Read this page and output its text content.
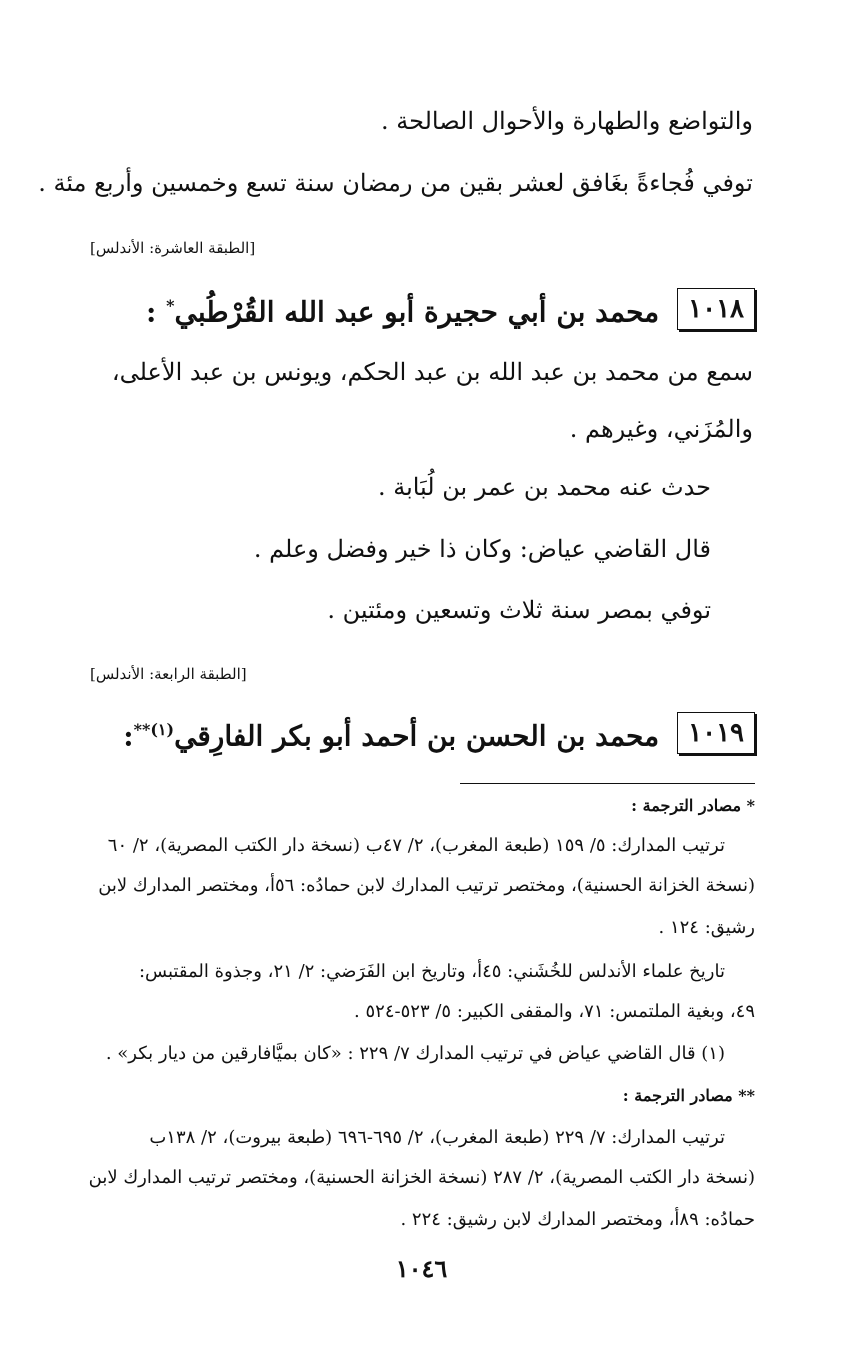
والتواضع والطهارة والأحوال الصالحة .
توفي فُجاءةً بغَافق لعشر بقين من رمضان سنة تسع وخمسين وأربع مئة .
[الطبقة العاشرة: الأندلس]
١٠١٨
محمد بن أبي حجيرة أبو عبد الله القُرْطُبي* :
سمع من محمد بن عبد الله بن عبد الحكم، ويونس بن عبد الأعلى،
والمُزَني، وغيرهم .
حدث عنه محمد بن عمر بن لُبَابة .
قال القاضي عياض: وكان ذا خير وفضل وعلم .
توفي بمصر سنة ثلاث وتسعين ومئتين .
[الطبقة الرابعة: الأندلس]
١٠١٩
محمد بن الحسن بن أحمد أبو بكر الفارِقي$^{(١)**}$:
* مصادر الترجمة :
ترتيب المدارك: ٥/ ١٥٩ (طبعة المغرب)، ٢/ ٤٧ب (نسخة دار الكتب المصرية)، ٢/ ٦٠
(نسخة الخزانة الحسنية)، ومختصر ترتيب المدارك لابن حمادُه: ٥٦أ، ومختصر المدارك لابن
رشيق: ١٢٤ .
تاريخ علماء الأندلس للخُشَني: ٤٥أ، وتاريخ ابن الفَرَضي: ٢/ ٢١، وجذوة المقتبس:
٤٩، وبغية الملتمس: ٧١، والمقفى الكبير: ٥/ ٥٢٣-٥٢٤ .
(١) قال القاضي عياض في ترتيب المدارك ٧/ ٢٢٩ : «كان بميَّافارقين من ديار بكر» .
** مصادر الترجمة :
ترتيب المدارك: ٧/ ٢٢٩ (طبعة المغرب)، ٢/ ٦٩٥-٦٩٦ (طبعة بيروت)، ٢/ ١٣٨ب
(نسخة دار الكتب المصرية)، ٢/ ٢٨٧ (نسخة الخزانة الحسنية)، ومختصر ترتيب المدارك لابن
حمادُه: ٨٩أ، ومختصر المدارك لابن رشيق: ٢٢٤ .
١٠٤٦
